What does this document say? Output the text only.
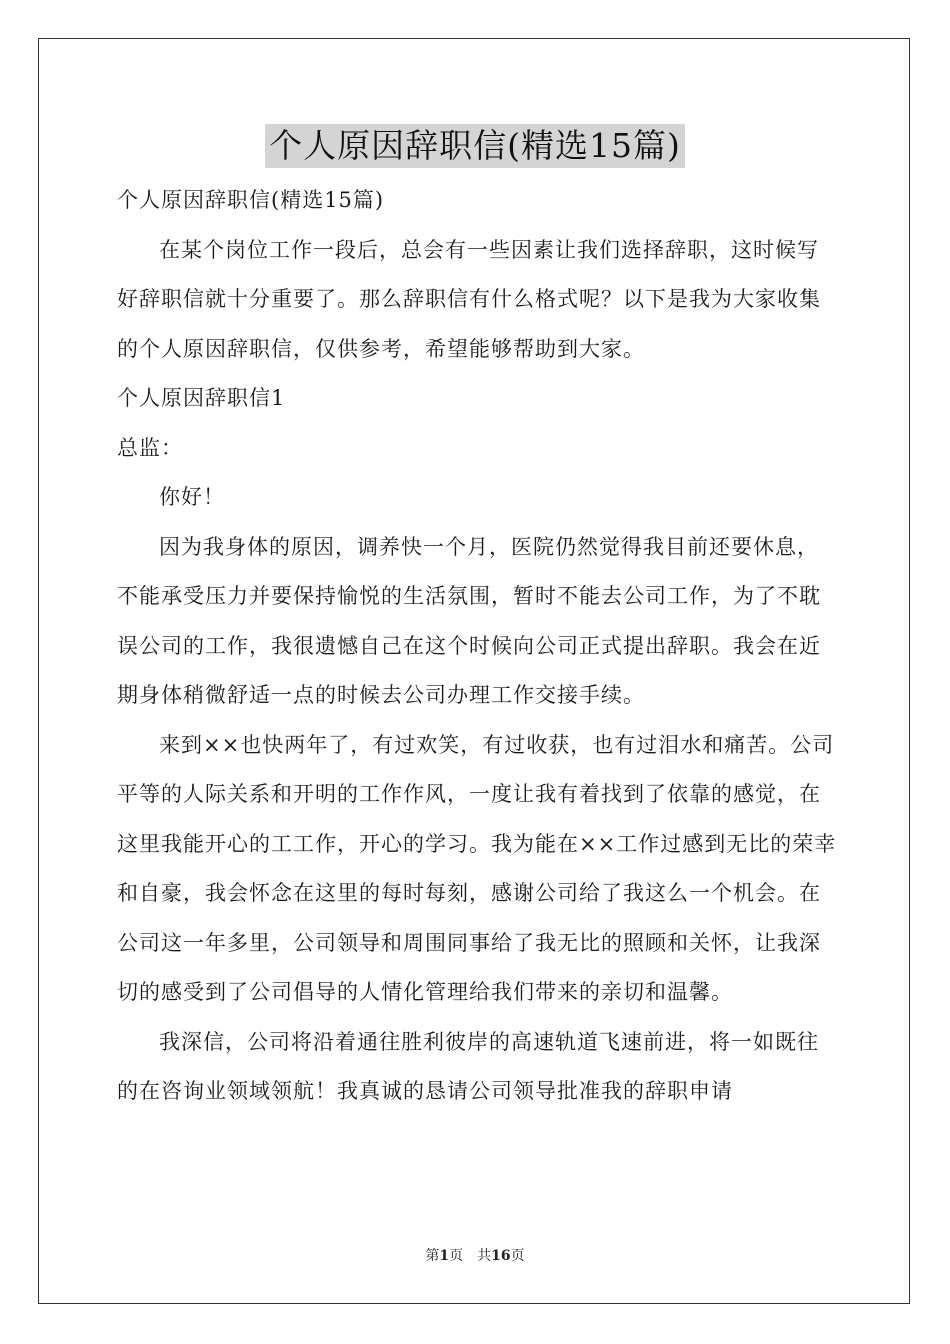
个人原因辞职信(精选15篇)

个人原因辞职信(精选15篇)

在某个岗位工作一段后，总会有一些因素让我们选择辞职，这时候写好辞职信就十分重要了。那么辞职信有什么格式呢？以下是我为大家收集的个人原因辞职信，仅供参考，希望能够帮助到大家。

个人原因辞职信1

总监：

你好！

因为我身体的原因，调养快一个月，医院仍然觉得我目前还要休息，不能承受压力并要保持愉悦的生活氛围，暂时不能去公司工作，为了不耽误公司的工作，我很遗憾自己在这个时候向公司正式提出辞职。我会在近期身体稍微舒适一点的时候去公司办理工作交接手续。

来到××也快两年了，有过欢笑，有过收获，也有过泪水和痛苦。公司平等的人际关系和开明的工作作风，一度让我有着找到了依靠的感觉，在这里我能开心的工工作，开心的学习。我为能在××工作过感到无比的荣幸和自豪，我会怀念在这里的每时每刻，感谢公司给了我这么一个机会。在公司这一年多里，公司领导和周围同事给了我无比的照顾和关怀，让我深切的感受到了公司倡导的人情化管理给我们带来的亲切和温馨。

我深信，公司将沿着通往胜利彼岸的高速轨道飞速前进，将一如既往的在咨询业领域领航！我真诚的恳请公司领导批准我的辞职申请

第1页　共16页
